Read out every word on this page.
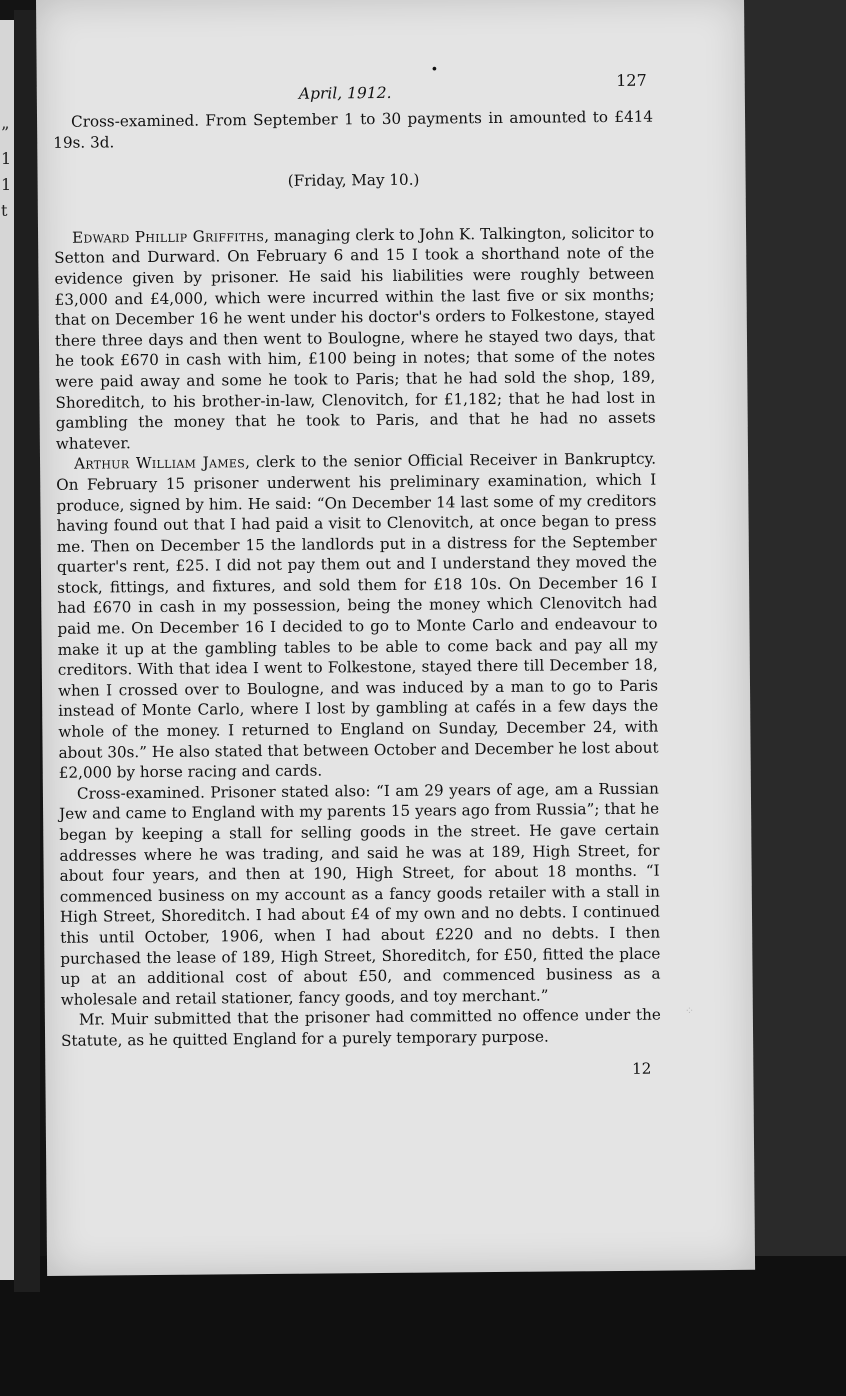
”
1
1
t
⁘
•
April, 1912.
127

Cross-examined. From September 1 to 30 payments in amounted to £414 19s. 3d.

(Friday, May 10.)

Edward Phillip Griffiths, managing clerk to John K. Talkington, solicitor to Setton and Durward. On February 6 and 15 I took a shorthand note of the evidence given by prisoner. He said his liabilities were roughly between £3,000 and £4,000, which were incurred within the last five or six months; that on December 16 he went under his doctor's orders to Folkestone, stayed there three days and then went to Boulogne, where he stayed two days, that he took £670 in cash with him, £100 being in notes; that some of the notes were paid away and some he took to Paris; that he had sold the shop, 189, Shoreditch, to his brother-in-law, Clenovitch, for £1,182; that he had lost in gambling the money that he took to Paris, and that he had no assets whatever.

Arthur William James, clerk to the senior Official Receiver in Bankruptcy. On February 15 prisoner underwent his preliminary examination, which I produce, signed by him. He said: “On December 14 last some of my creditors having found out that I had paid a visit to Clenovitch, at once began to press me. Then on December 15 the landlords put in a distress for the September quarter's rent, £25. I did not pay them out and I understand they moved the stock, fittings, and fixtures, and sold them for £18 10s. On December 16 I had £670 in cash in my possession, being the money which Clenovitch had paid me. On December 16 I decided to go to Monte Carlo and endeavour to make it up at the gambling tables to be able to come back and pay all my creditors. With that idea I went to Folkestone, stayed there till December 18, when I crossed over to Boulogne, and was induced by a man to go to Paris instead of Monte Carlo, where I lost by gambling at cafés in a few days the whole of the money. I returned to England on Sunday, December 24, with about 30s.” He also stated that between October and December he lost about £2,000 by horse racing and cards.

Cross-examined. Prisoner stated also: “I am 29 years of age, am a Russian Jew and came to England with my parents 15 years ago from Russia”; that he began by keeping a stall for selling goods in the street. He gave certain addresses where he was trading, and said he was at 189, High Street, for about four years, and then at 190, High Street, for about 18 months. “I commenced business on my account as a fancy goods retailer with a stall in High Street, Shoreditch. I had about £4 of my own and no debts. I continued this until October, 1906, when I had about £220 and no debts. I then purchased the lease of 189, High Street, Shoreditch, for £50, fitted the place up at an additional cost of about £50, and commenced business as a wholesale and retail stationer, fancy goods, and toy merchant.”

Mr. Muir submitted that the prisoner had committed no offence under the Statute, as he quitted England for a purely temporary purpose.

12
